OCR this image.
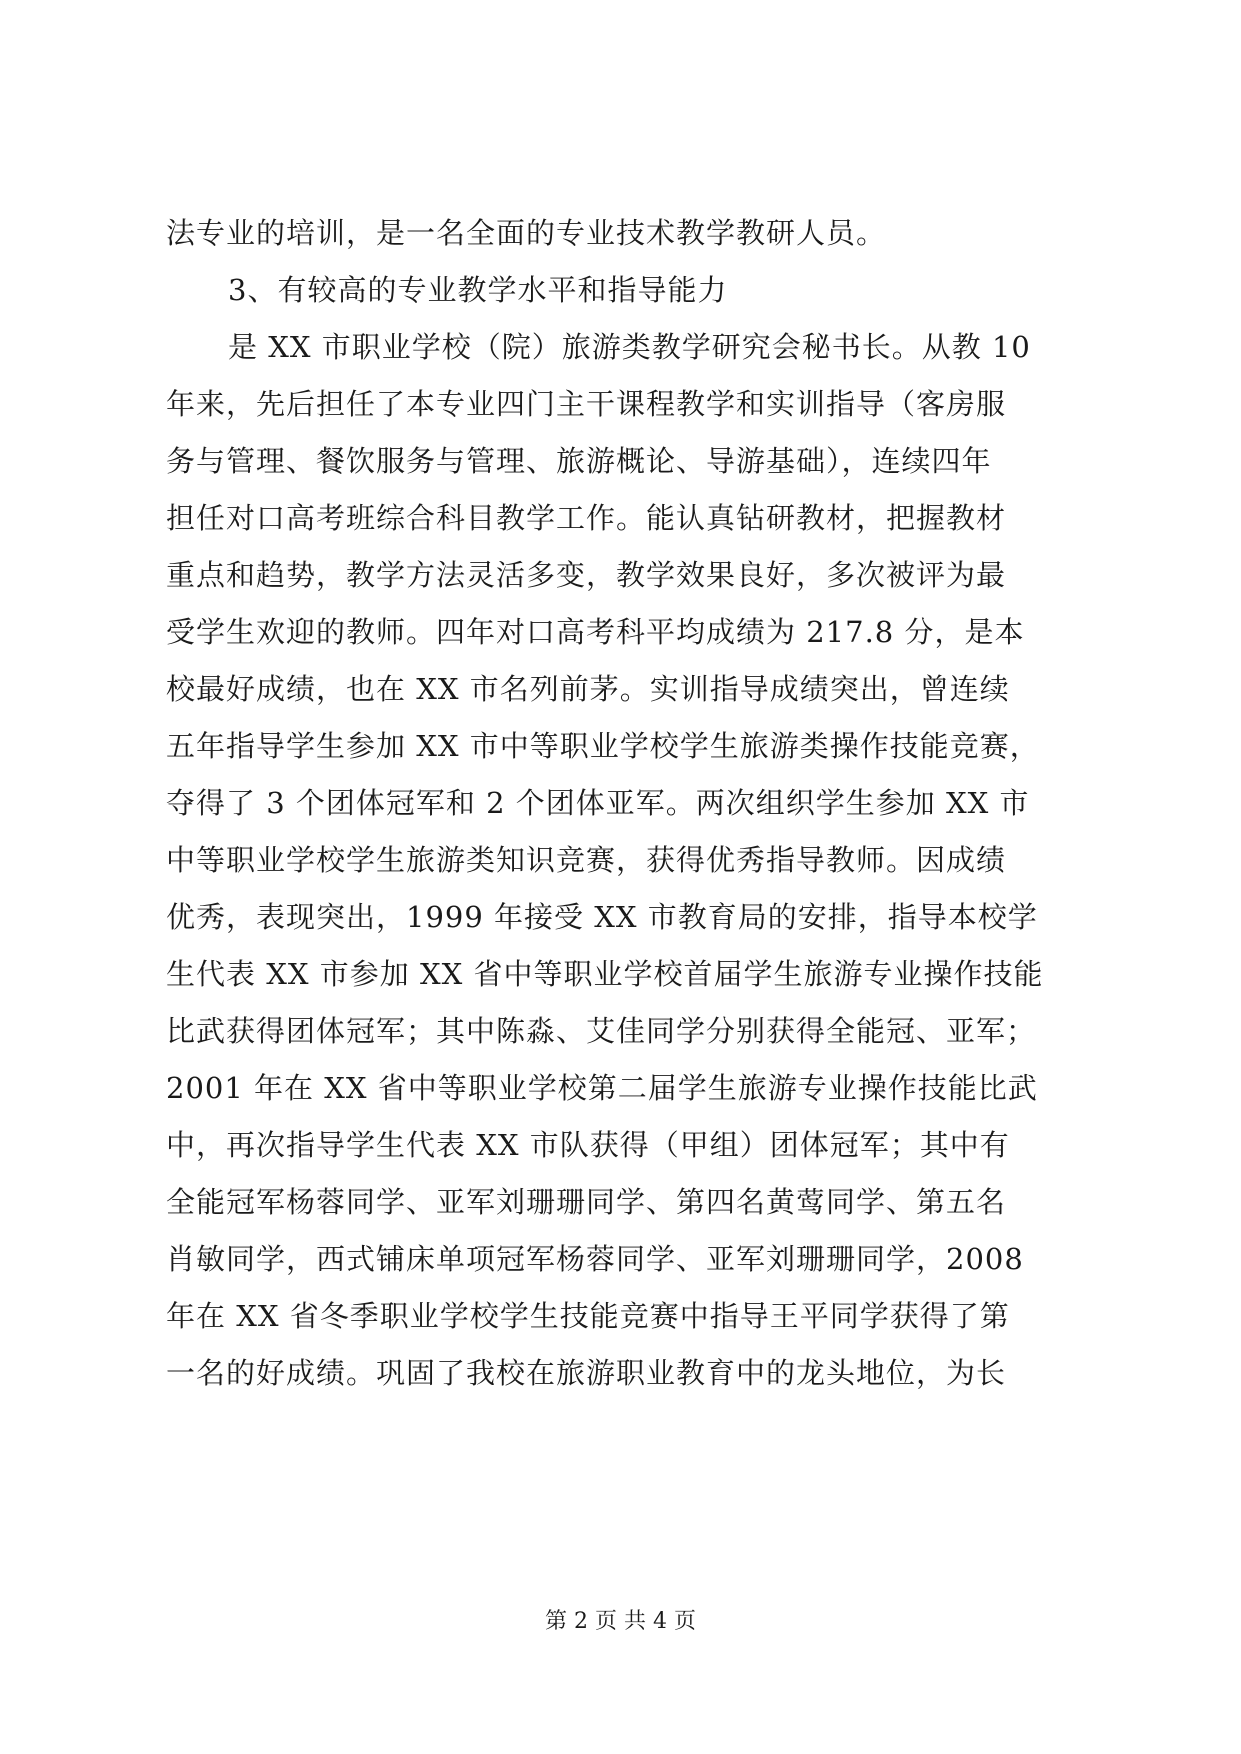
法专业的培训，是一名全面的专业技术教学教研人员。
3、有较高的专业教学水平和指导能力
是 XX 市职业学校（院）旅游类教学研究会秘书长。从教 10
年来，先后担任了本专业四门主干课程教学和实训指导（客房服
务与管理、餐饮服务与管理、旅游概论、导游基础），连续四年
担任对口高考班综合科目教学工作。能认真钻研教材，把握教材
重点和趋势，教学方法灵活多变，教学效果良好，多次被评为最
受学生欢迎的教师。四年对口高考科平均成绩为 217.8 分，是本
校最好成绩，也在 XX 市名列前茅。实训指导成绩突出，曾连续
五年指导学生参加 XX 市中等职业学校学生旅游类操作技能竞赛，
夺得了 3 个团体冠军和 2 个团体亚军。两次组织学生参加 XX 市
中等职业学校学生旅游类知识竞赛，获得优秀指导教师。因成绩
优秀，表现突出，1999 年接受 XX 市教育局的安排，指导本校学
生代表 XX 市参加 XX 省中等职业学校首届学生旅游专业操作技能
比武获得团体冠军；其中陈淼、艾佳同学分别获得全能冠、亚军；
2001 年在 XX 省中等职业学校第二届学生旅游专业操作技能比武
中，再次指导学生代表 XX 市队获得（甲组）团体冠军；其中有
全能冠军杨蓉同学、亚军刘珊珊同学、第四名黄莺同学、第五名
肖敏同学，西式铺床单项冠军杨蓉同学、亚军刘珊珊同学，2008
年在 XX 省冬季职业学校学生技能竞赛中指导王平同学获得了第
一名的好成绩。巩固了我校在旅游职业教育中的龙头地位，为长
第 2 页 共 4 页
